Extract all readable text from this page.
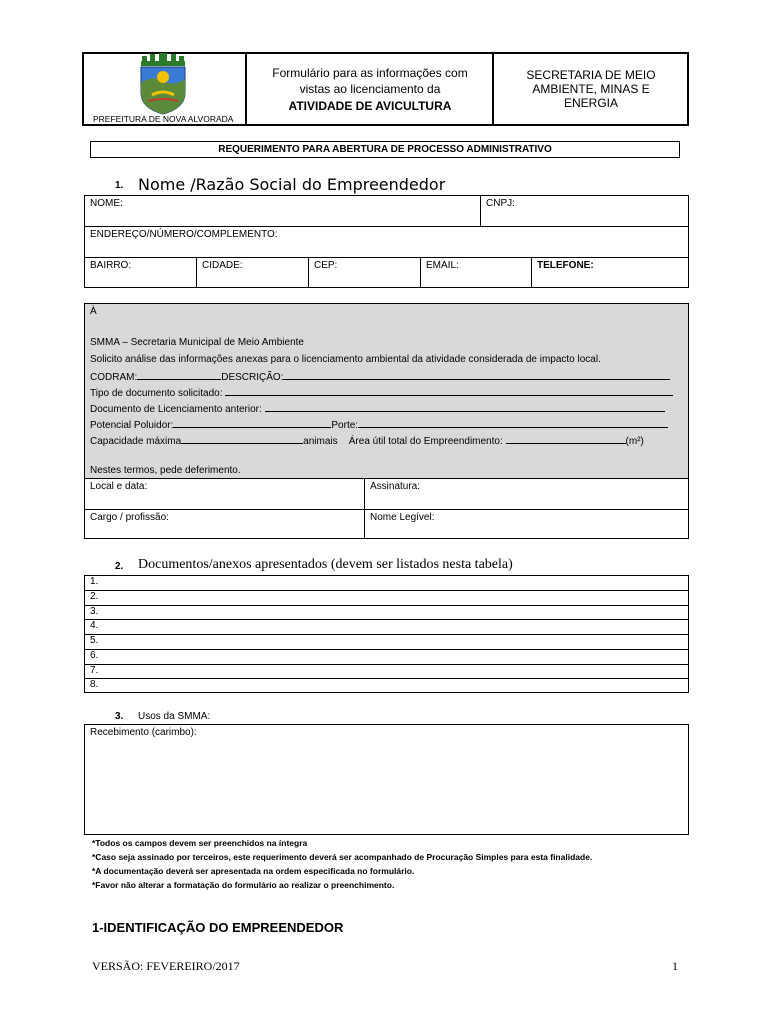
PREFEITURA DE NOVA ALVORADA
Formulário para as informações com
vistas ao licenciamento da
ATIVIDADE DE AVICULTURA
SECRETARIA DE MEIO
AMBIENTE, MINAS E
ENERGIA
REQUERIMENTO PARA ABERTURA DE PROCESSO ADMINISTRATIVO
1. Nome /Razão Social do Empreendedor
NOME:	CNPJ:
ENDEREÇO/NÚMERO/COMPLEMENTO:
BAIRRO:	CIDADE:	CEP:	EMAIL:	TELEFONE:
À
SMMA – Secretaria Municipal de Meio Ambiente
Solicito análise das informações anexas para o licenciamento ambiental da atividade considerada de impacto local.
CODRAM:	DESCRIÇÃO:
Tipo de documento solicitado:
Documento de Licenciamento anterior:
Potencial Poluidor:	Porte:
Capacidade máxima	animais Área útil total do Empreendimento:	(m²)
Nestes termos, pede deferimento.
Local e data:	Assinatura:
Cargo / profissão:	Nome Legível:
2. Documentos/anexos apresentados (devem ser listados nesta tabela)
1.
2.
3.
4.
5.
6.
7.
8.
3. Usos da SMMA:
Recebimento (carimbo):
*Todos os campos devem ser preenchidos na íntegra
*Caso seja assinado por terceiros, este requerimento deverá ser acompanhado de Procuração Simples para esta finalidade.
*A documentação deverá ser apresentada na ordem especificada no formulário.
*Favor não alterar a formatação do formulário ao realizar o preenchimento.
1-IDENTIFICAÇÃO DO EMPREENDEDOR
VERSÃO: FEVEREIRO/2017	1
